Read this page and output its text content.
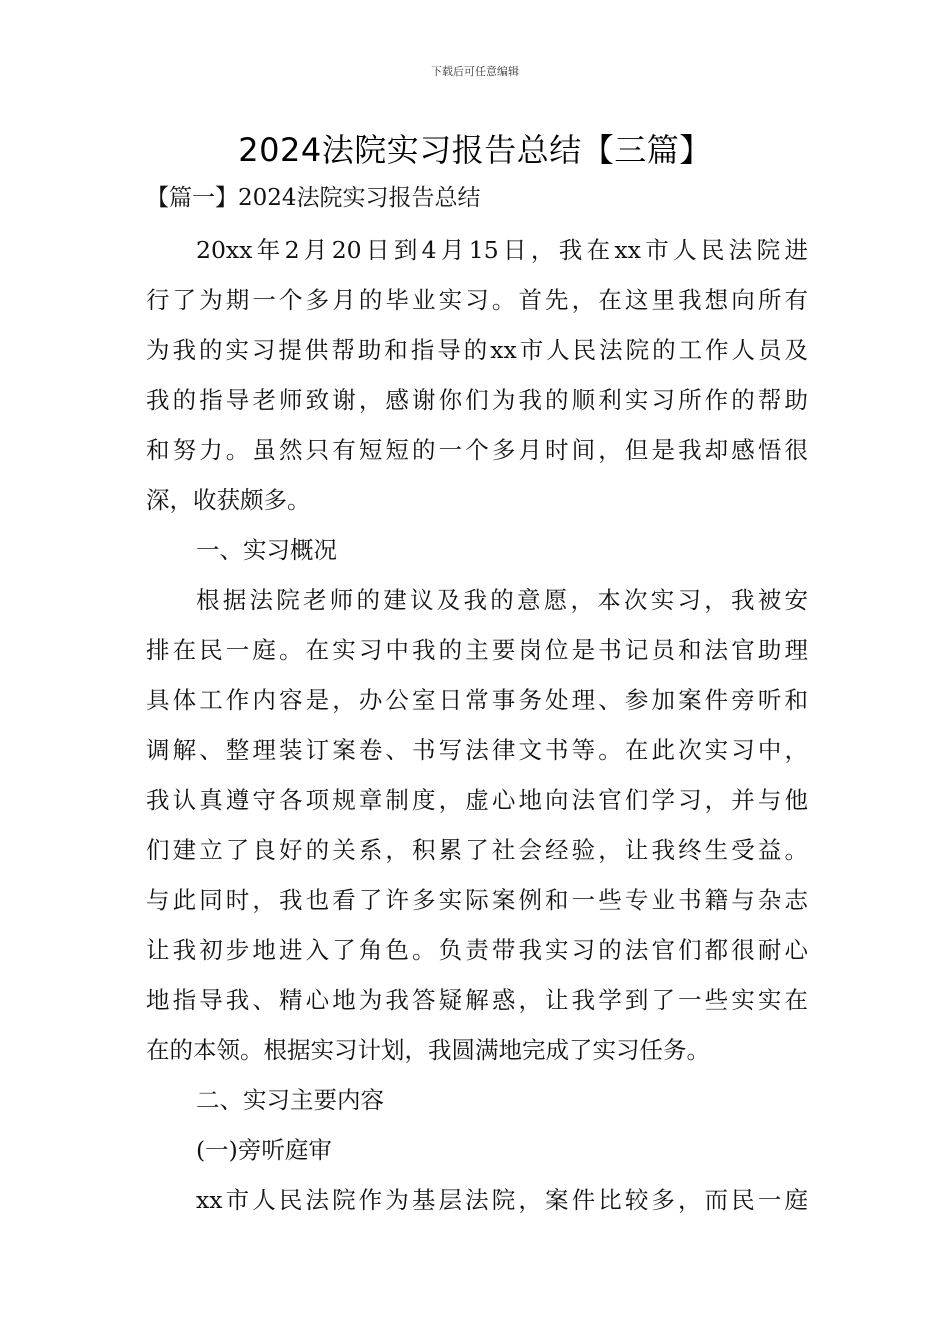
下载后可任意编辑
2024法院实习报告总结【三篇】
【篇一】2024法院实习报告总结
20xx年2月20日到4月15日，我在xx市人民法院进
行了为期一个多月的毕业实习。首先，在这里我想向所有
为我的实习提供帮助和指导的xx市人民法院的工作人员及
我的指导老师致谢，感谢你们为我的顺利实习所作的帮助
和努力。虽然只有短短的一个多月时间，但是我却感悟很
深，收获颇多。
一、实习概况
根据法院老师的建议及我的意愿，本次实习，我被安
排在民一庭。在实习中我的主要岗位是书记员和法官助理
具体工作内容是，办公室日常事务处理、参加案件旁听和
调解、整理装订案卷、书写法律文书等。在此次实习中，
我认真遵守各项规章制度，虚心地向法官们学习，并与他
们建立了良好的关系，积累了社会经验，让我终生受益。
与此同时，我也看了许多实际案例和一些专业书籍与杂志
让我初步地进入了角色。负责带我实习的法官们都很耐心
地指导我、精心地为我答疑解惑，让我学到了一些实实在
在的本领。根据实习计划，我圆满地完成了实习任务。
二、实习主要内容
(一)旁听庭审
xx市人民法院作为基层法院，案件比较多，而民一庭
